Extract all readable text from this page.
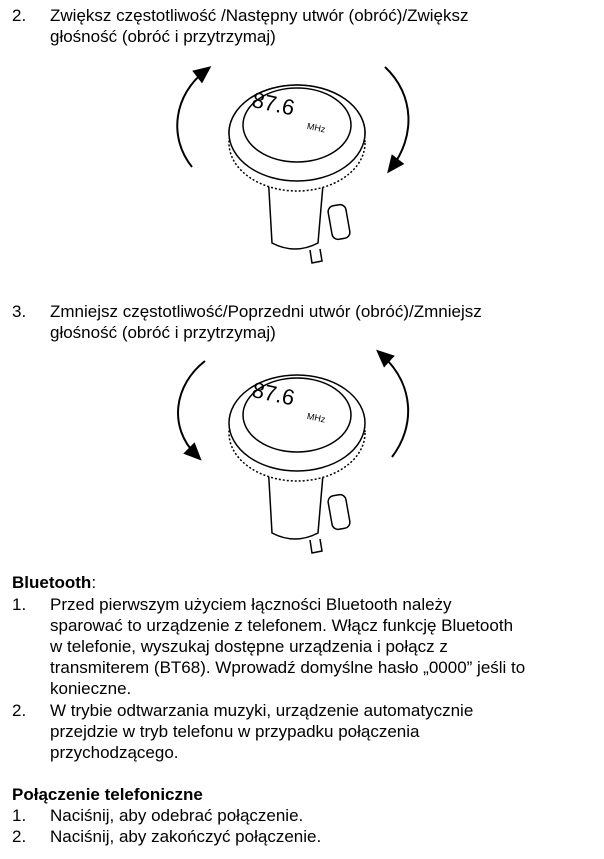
2. Zwiększ częstotliwość /Następny utwór (obróć)/Zwiększ
głośność (obróć i przytrzymaj)
87.6
MHz
3. Zmniejsz częstotliwość/Poprzedni utwór (obróć)/Zmniejsz
głośność (obróć i przytrzymaj)
87.6
MHz
Bluetooth:
1. Przed pierwszym użyciem łączności Bluetooth należy
sparować to urządzenie z telefonem. Włącz funkcję Bluetooth
w telefonie, wyszukaj dostępne urządzenia i połącz z
transmiterem (BT68). Wprowadź domyślne hasło „0000” jeśli to
konieczne.
2. W trybie odtwarzania muzyki, urządzenie automatycznie
przejdzie w tryb telefonu w przypadku połączenia
przychodzącego.
Połączenie telefoniczne
1. Naciśnij, aby odebrać połączenie.
2. Naciśnij, aby zakończyć połączenie.
